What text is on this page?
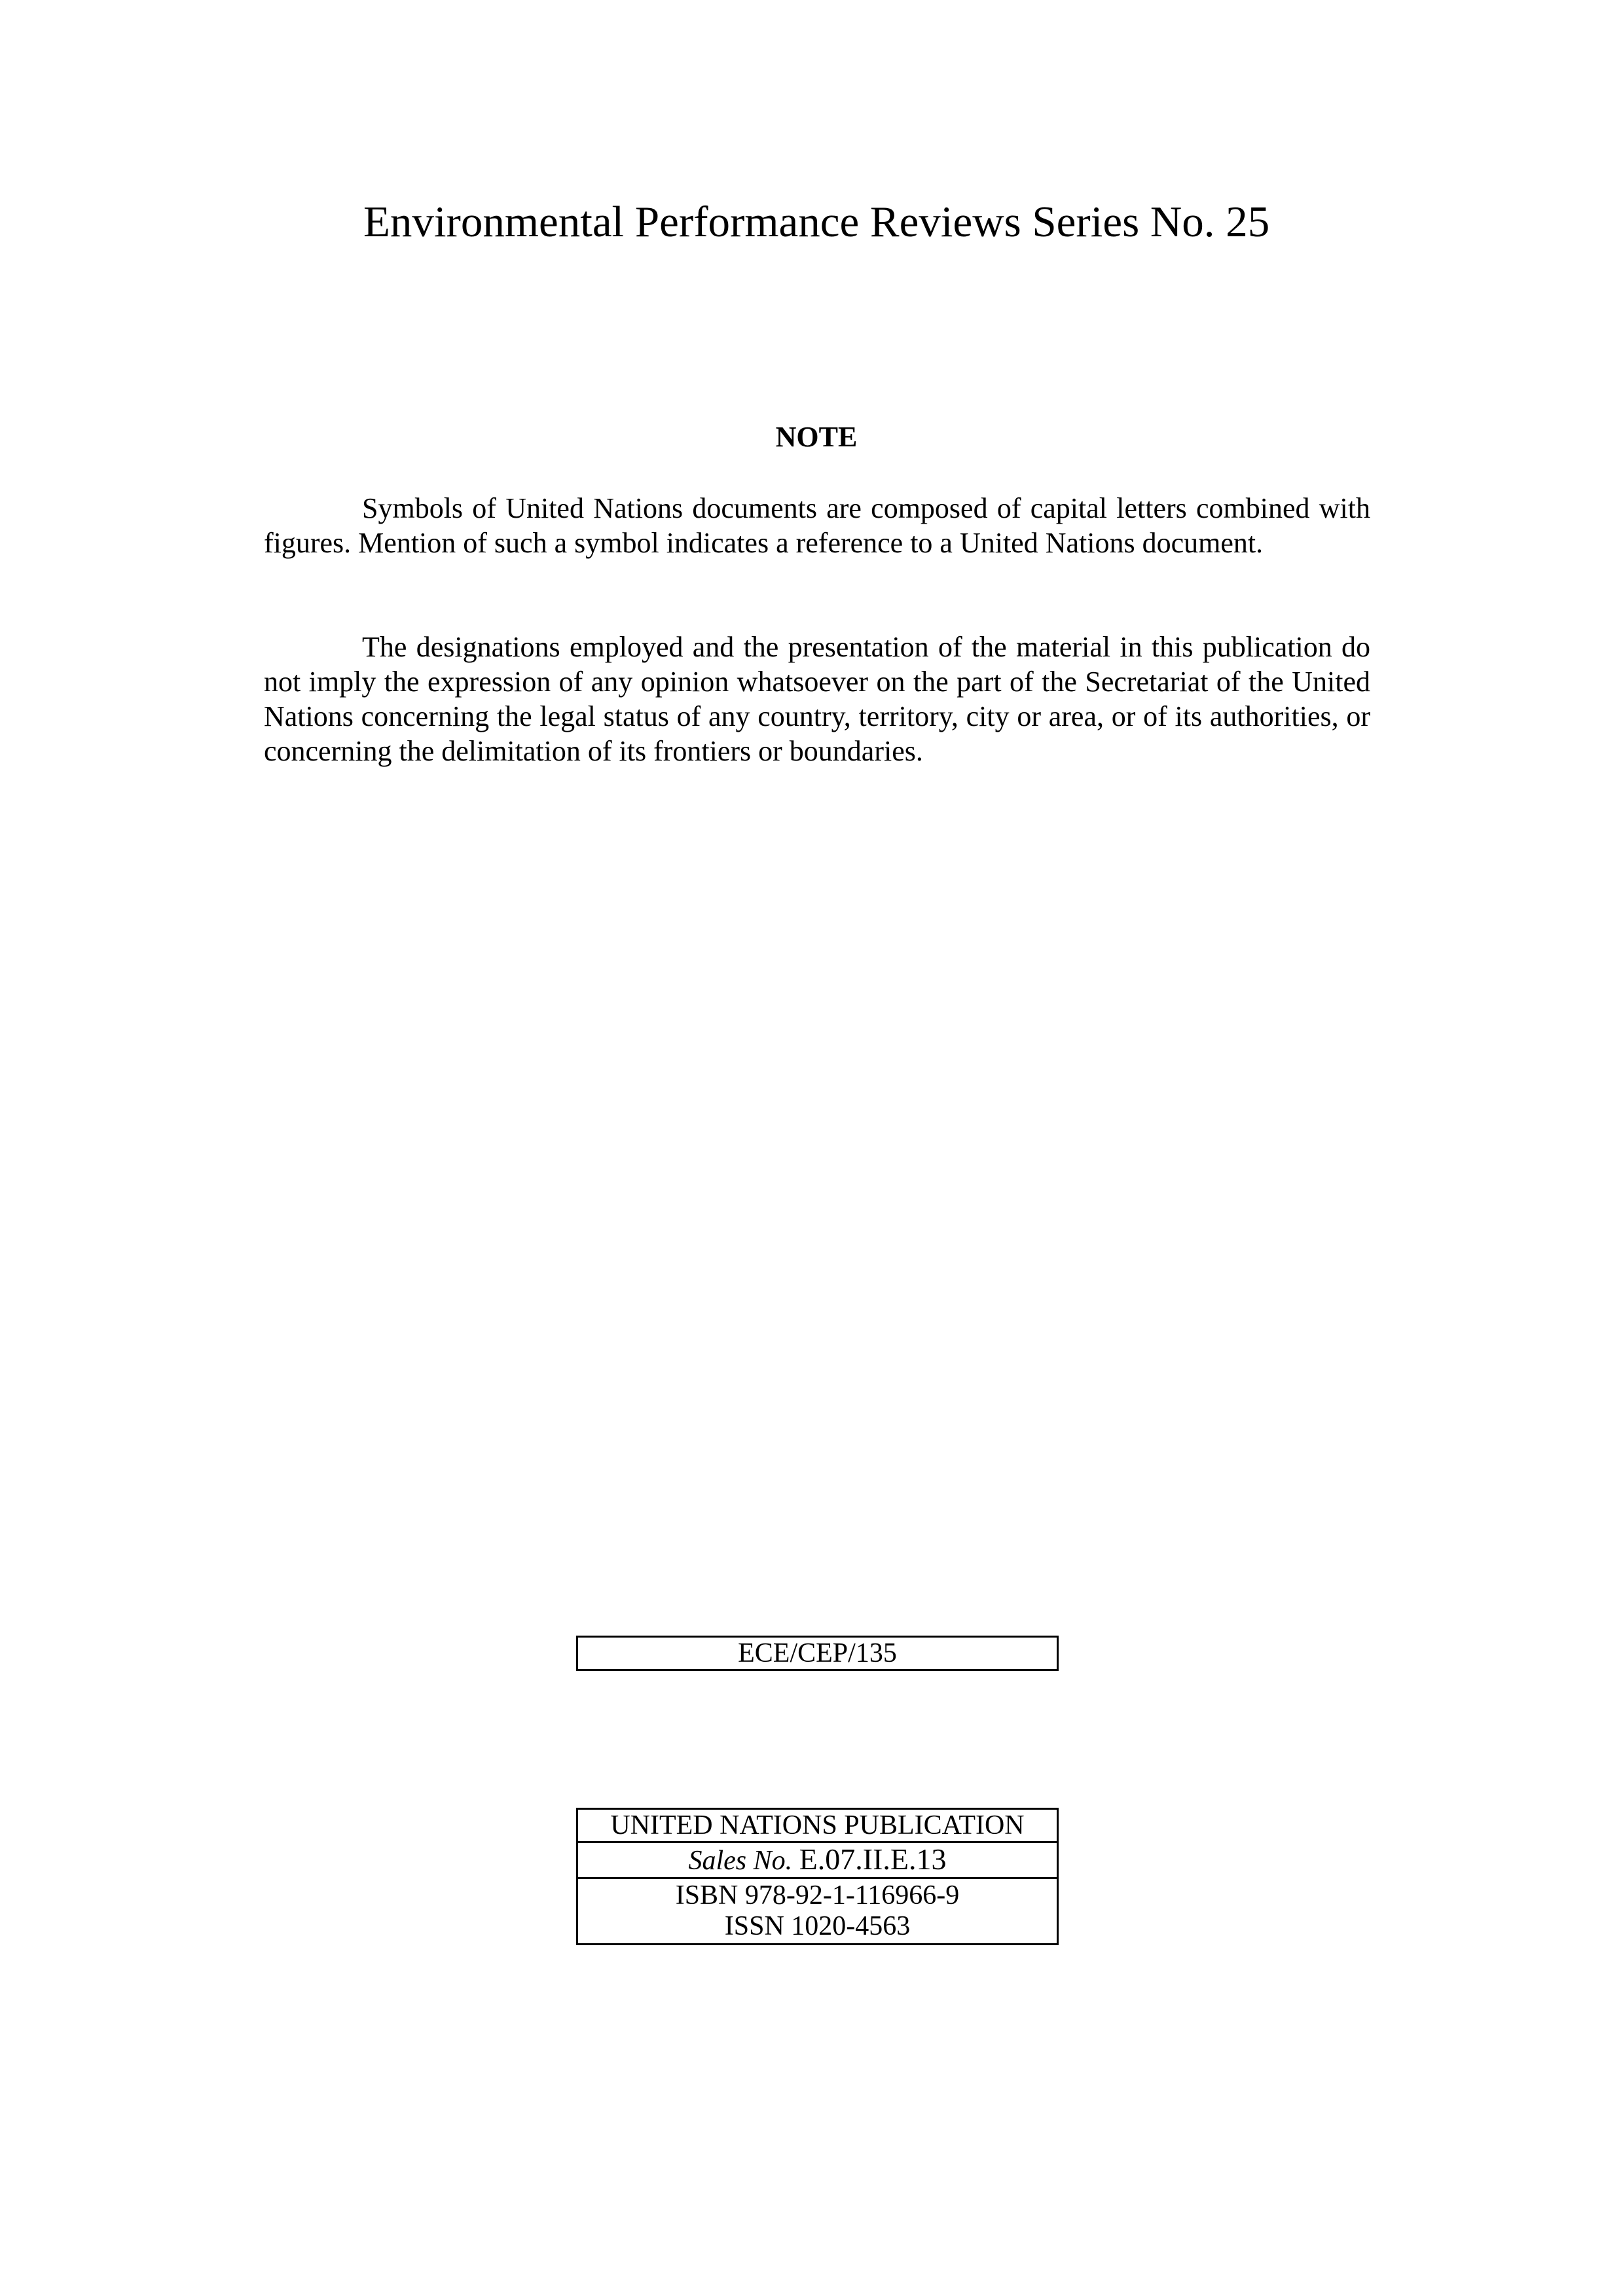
Environmental Performance Reviews Series No. 25
NOTE

Symbols of United Nations documents are composed of capital letters combined with figures. Mention of such a symbol indicates a reference to a United Nations document.

The designations employed and the presentation of the material in this publication do not imply the expression of any opinion whatsoever on the part of the Secretariat of the United Nations concerning the legal status of any country, territory, city or area, or of its authorities, or concerning the delimitation of its frontiers or boundaries.

ECE/CEP/135
UNITED NATIONS PUBLICATION
Sales No. E.07.II.E.13
ISBN 978-92-1-116966-9
ISSN 1020-4563
